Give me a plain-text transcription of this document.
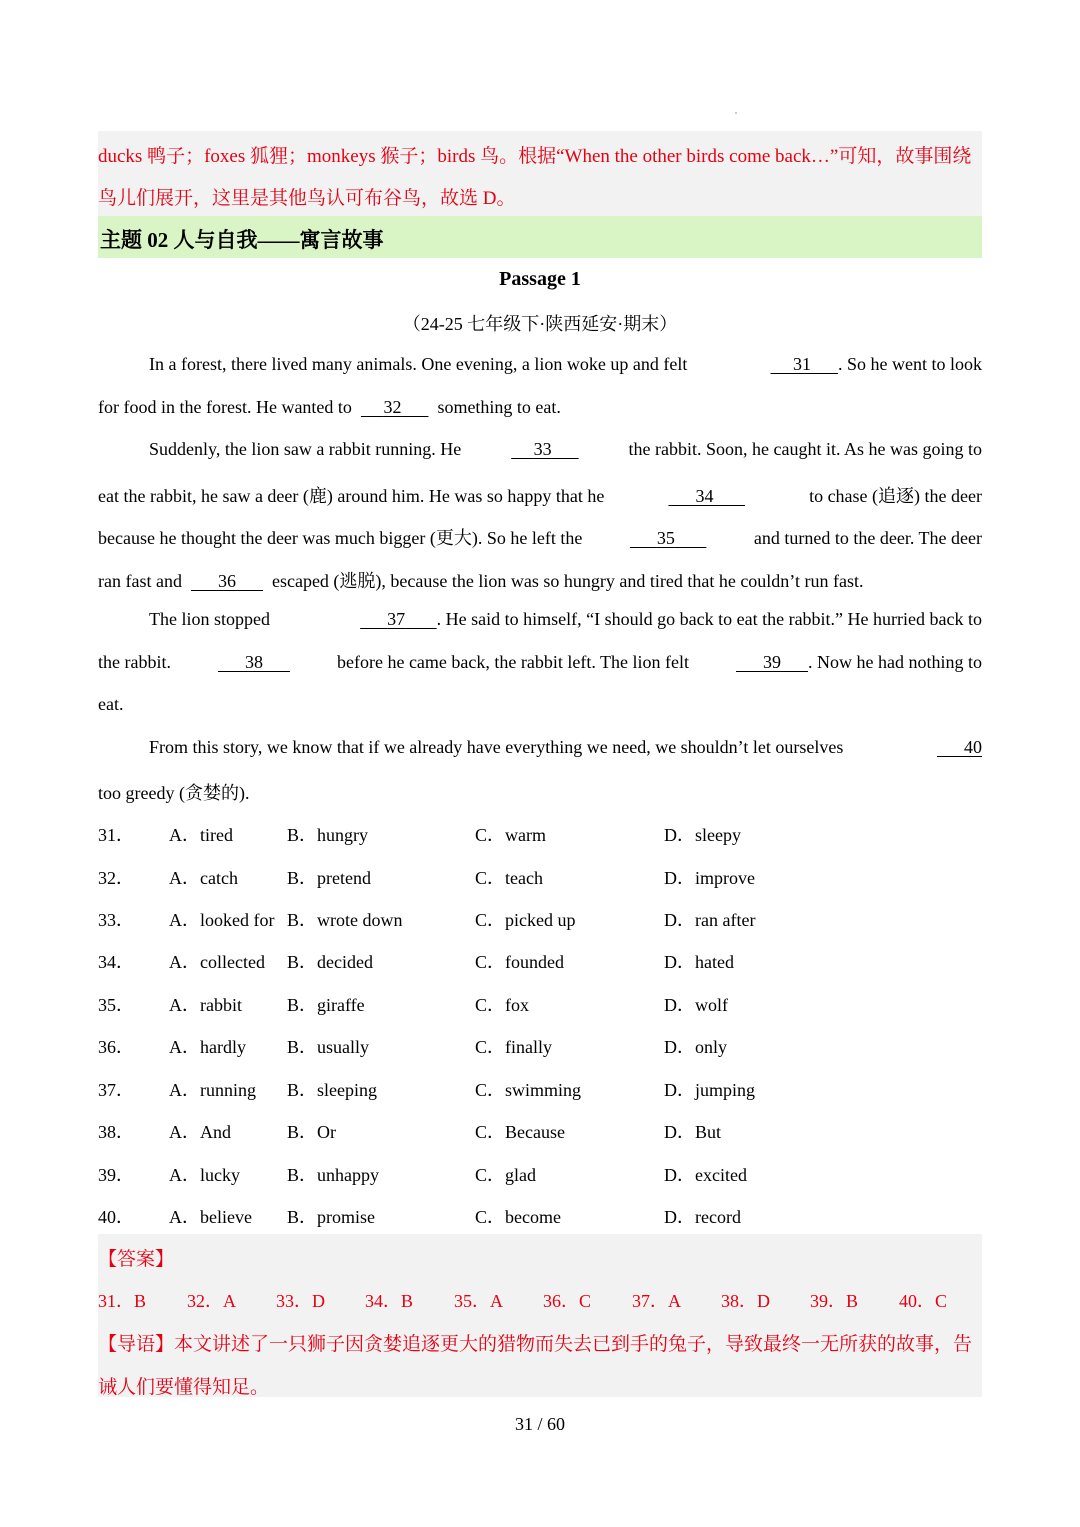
ducks 鸭子；foxes 狐狸；monkeys 猴子；birds 鸟。根据“When the other birds come back…”可知，故事围绕
鸟儿们展开，这里是其他鸟认可布谷鸟，故选 D。
主题 02 人与自我——寓言故事
Passage 1
（24-25 七年级下·陕西延安·期末）
In a forest, there lived many animals. One evening, a lion woke up and felt	31 . So he went to look
for food in the forest. He wanted to
	32
	something to eat.
Suddenly, the lion saw a rabbit running. He	33	the rabbit. Soon, he caught it. As he was going to
eat the rabbit, he saw a deer (鹿) around him. He was so happy that he	34	to chase (追逐) the deer
because he thought the deer was much bigger (更大). So he left the	35	and turned to the deer. The deer
ran fast and
	36
	escaped (逃脱), because the lion was so hungry and tired that he couldn’t run fast.
The lion stopped	37 . He said to himself, “I should go back to eat the rabbit.” He hurried back to
the rabbit.	38	before he came back, the rabbit left. The lion felt	39 . Now he had nothing to
eat.
From this story, we know that if we already have everything we need, we shouldn’t let ourselves	40
too greedy (贪婪的).
31． A．tired	B．hungry	C．warm	D．sleepy
32． A．catch	B．pretend	C．teach	D．improve
33． A．looked for B．wrote down	C．picked up	D．ran after
34． A．collected B．decided	C．founded	D．hated
35． A．rabbit	B．giraffe	C．fox	D．wolf
36． A．hardly B．usually	C．finally	D．only
37． A．running B．sleeping	C．swimming	D．jumping
38． A．And	B．Or	C．Because	D．But
39． A．lucky	B．unhappy	C．glad	D．excited
40． A．believe B．promise	C．become	D．record
【答案】
31．B 32．A 33．D 34．B 35．A 36．C 37．A 38．D 39．B 40．C
【导语】本文讲述了一只狮子因贪婪追逐更大的猎物而失去已到手的兔子，导致最终一无所获的故事，告
诫人们要懂得知足。
31 / 60
